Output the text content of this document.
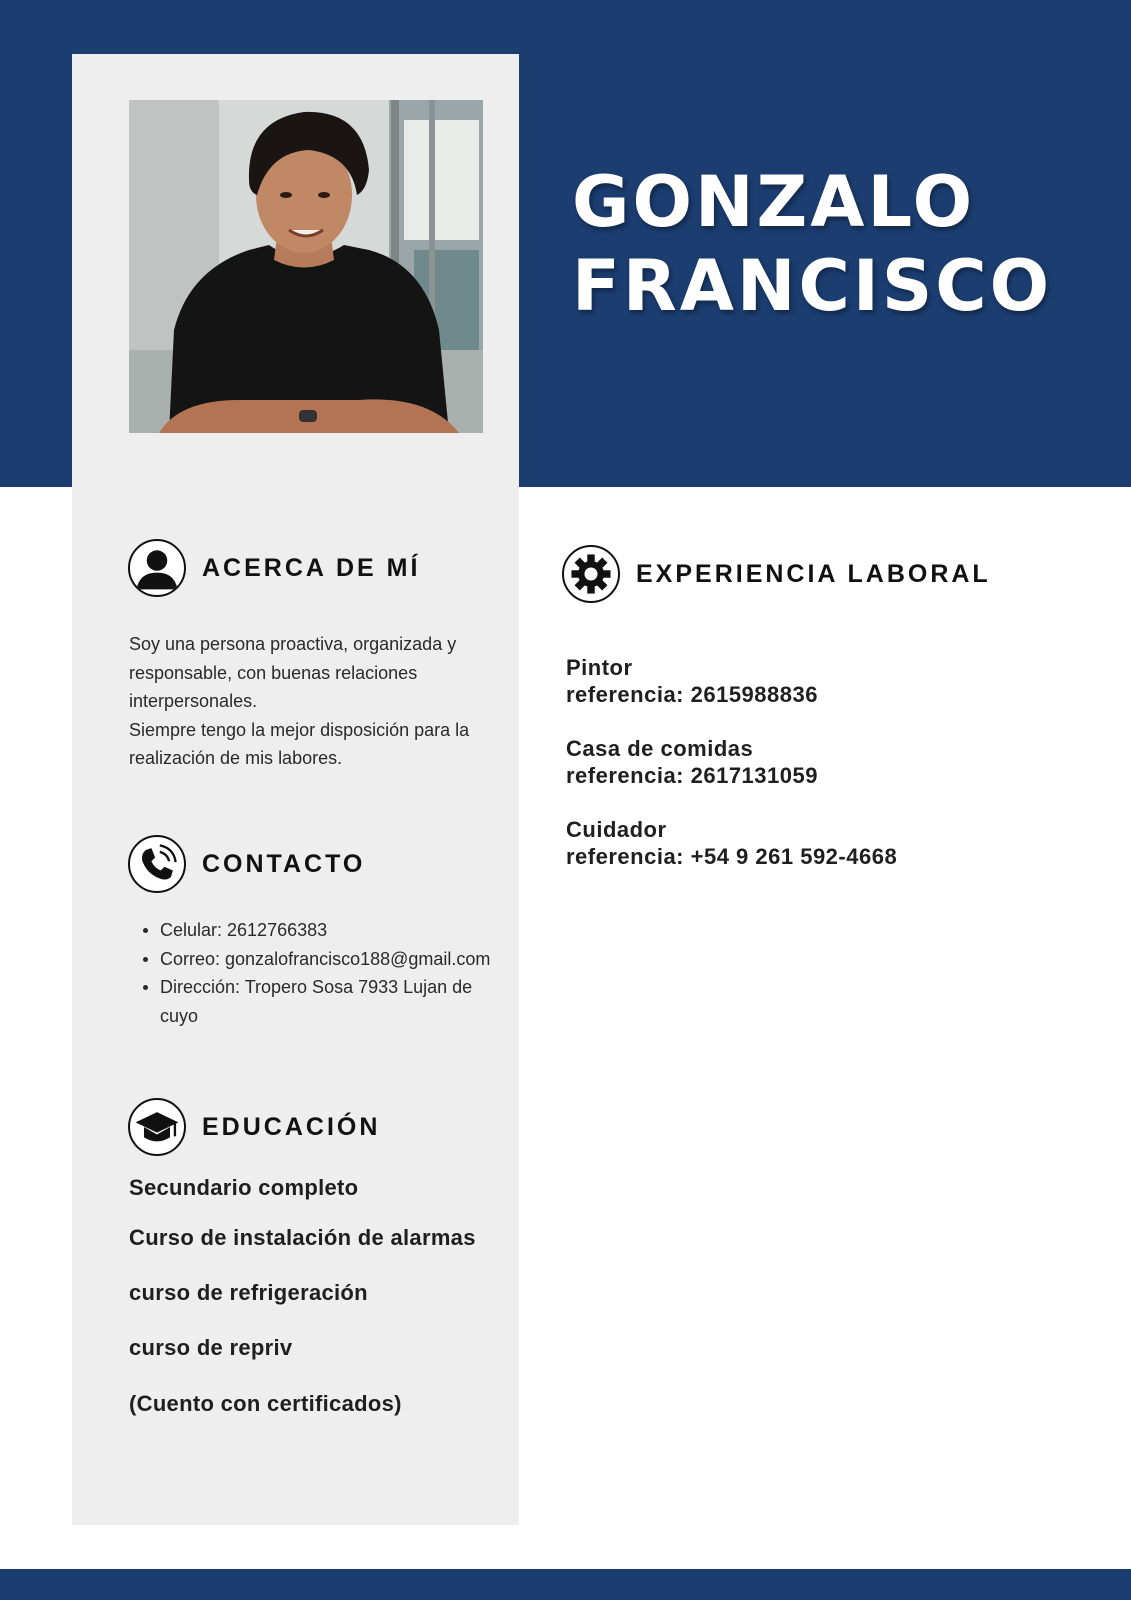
GONZALO
FRANCISCO
ACERCA DE MÍ

Soy una persona proactiva, organizada y responsable, con buenas relaciones interpersonales.

Siempre tengo la mejor disposición para la realización de mis labores.

CONTACTO
Celular: 2612766383
Correo: gonzalofrancisco188@gmail.com
Dirección: Tropero Sosa 7933 Lujan de cuyo
EDUCACIÓN
Secundario completo
Curso de instalación de alarmas
curso de refrigeración
curso de repriv
(Cuento con certificados)
EXPERIENCIA LABORAL
Pintor
referencia: 2615988836
Casa de comidas
referencia: 2617131059
Cuidador
referencia: +54 9 261 592-4668
